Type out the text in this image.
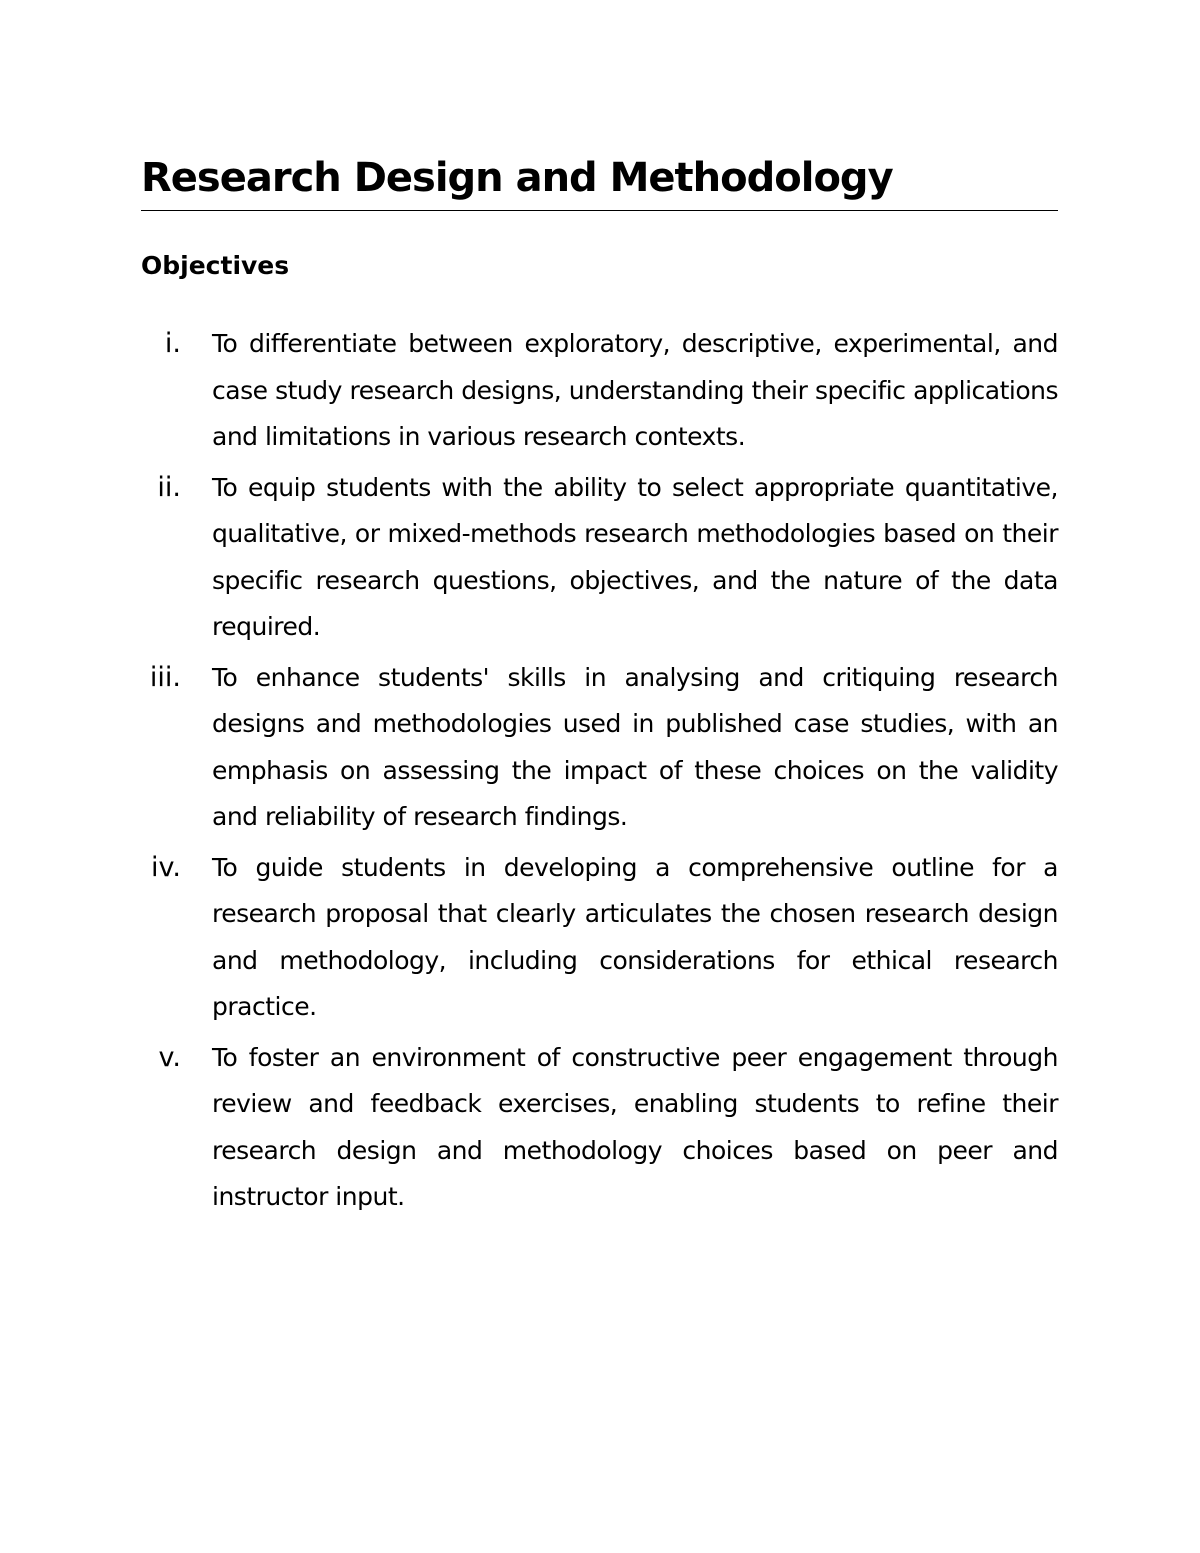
Research Design and Methodology
Objectives
i. To differentiate between exploratory, descriptive, experimental, and case study research designs, understanding their specific applications and limitations in various research contexts.
ii. To equip students with the ability to select appropriate quantitative, qualitative, or mixed-methods research methodologies based on their specific research questions, objectives, and the nature of the data required.
iii. To enhance students' skills in analysing and critiquing research designs and methodologies used in published case studies, with an emphasis on assessing the impact of these choices on the validity and reliability of research findings.
iv. To guide students in developing a comprehensive outline for a research proposal that clearly articulates the chosen research design and methodology, including considerations for ethical research practice.
v. To foster an environment of constructive peer engagement through review and feedback exercises, enabling students to refine their research design and methodology choices based on peer and instructor input.
